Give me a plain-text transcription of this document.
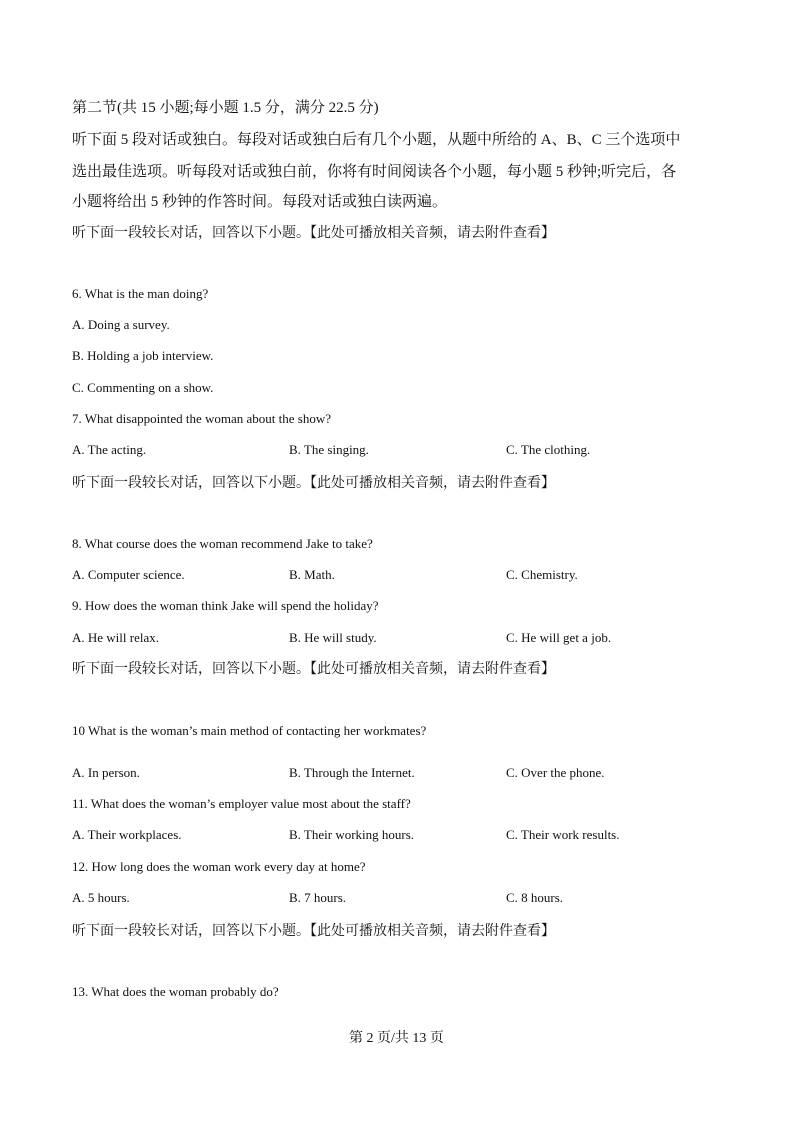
第二节(共 15 小题;每小题 1.5 分，满分 22.5 分)
听下面 5 段对话或独白。每段对话或独白后有几个小题，从题中所给的 A、B、C 三个选项中
选出最佳选项。听每段对话或独白前，你将有时间阅读各个小题，每小题 5 秒钟;听完后，各
小题将给出 5 秒钟的作答时间。每段对话或独白读两遍。
听下面一段较长对话，回答以下小题。【此处可播放相关音频，请去附件查看】
6. What is the man doing?
A. Doing a survey.
B. Holding a job interview.
C. Commenting on a show.
7. What disappointed the woman about the show?
A. The acting.	B. The singing.	C. The clothing.
听下面一段较长对话，回答以下小题。【此处可播放相关音频，请去附件查看】
8. What course does the woman recommend Jake to take?
A. Computer science.	B. Math.	C. Chemistry.
9. How does the woman think Jake will spend the holiday?
A. He will relax.	B. He will study.	C. He will get a job.
听下面一段较长对话，回答以下小题。【此处可播放相关音频，请去附件查看】
10 What is the woman’s main method of contacting her workmates?
A. In person.	B. Through the Internet.	C. Over the phone.
11. What does the woman’s employer value most about the staff?
A. Their workplaces.	B. Their working hours.	C. Their work results.
12. How long does the woman work every day at home?
A. 5 hours.	B. 7 hours.	C. 8 hours.
听下面一段较长对话，回答以下小题。【此处可播放相关音频，请去附件查看】
13. What does the woman probably do?
第 2 页/共 13 页
